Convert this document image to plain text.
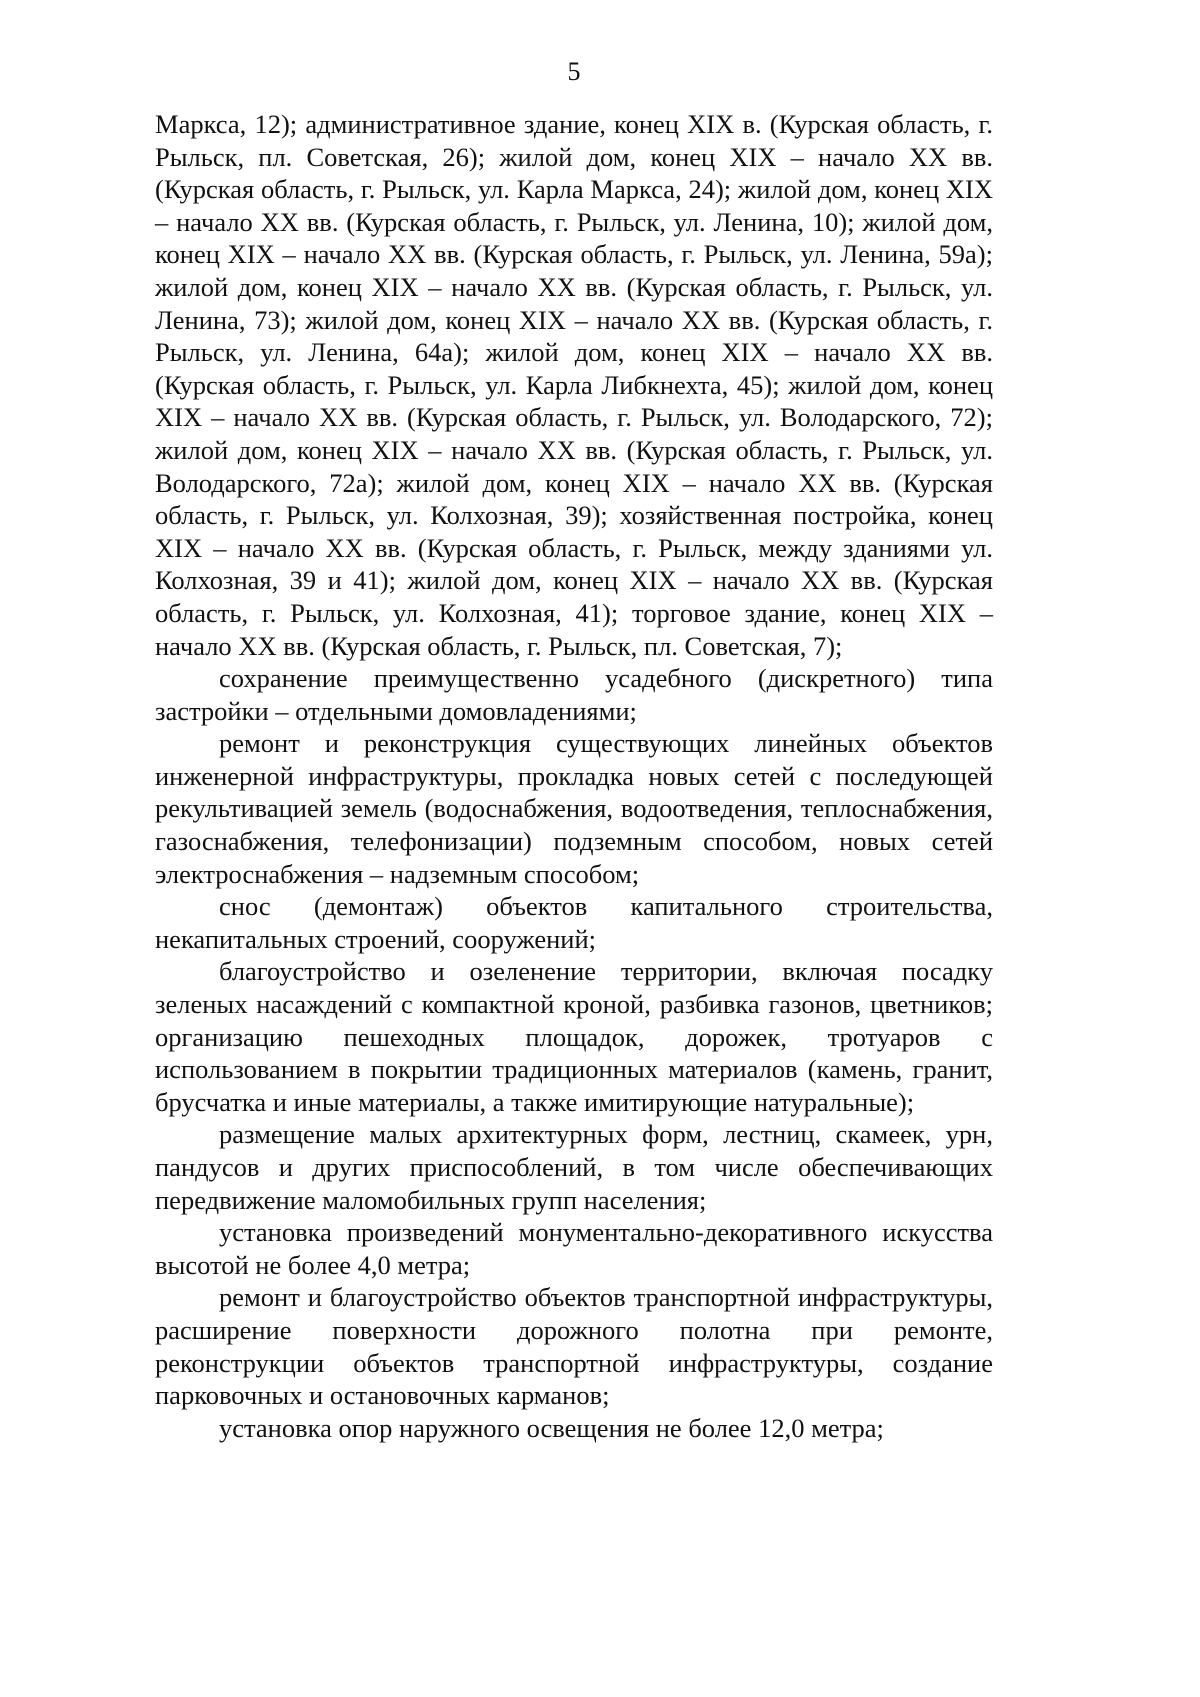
5

Маркса, 12); административное здание, конец XIX в. (Курская область, г. Рыльск, пл. Советская, 26); жилой дом, конец XIX – начало XX вв. (Курская область, г. Рыльск, ул. Карла Маркса, 24); жилой дом, конец XIX – начало XX вв. (Курская область, г. Рыльск, ул. Ленина, 10); жилой дом, конец XIX – начало XX вв. (Курская область, г. Рыльск, ул. Ленина, 59а); жилой дом, конец XIX – начало XX вв. (Курская область, г. Рыльск, ул. Ленина, 73); жилой дом, конец XIX – начало XX вв. (Курская область, г. Рыльск, ул. Ленина, 64а); жилой дом, конец XIX – начало XX вв. (Курская область, г. Рыльск, ул. Карла Либкнехта, 45); жилой дом, конец XIX – начало XX вв. (Курская область, г. Рыльск, ул. Володарского, 72); жилой дом, конец XIX – начало XX вв. (Курская область, г. Рыльск, ул. Володарского, 72а); жилой дом, конец XIX – начало XX вв. (Курская область, г. Рыльск, ул. Колхозная, 39); хозяйственная постройка, конец XIX – начало XX вв. (Курская область, г. Рыльск, между зданиями ул. Колхозная, 39 и 41); жилой дом, конец XIX – начало XX вв. (Курская область, г. Рыльск, ул. Колхозная, 41); торговое здание, конец XIX – начало XX вв. (Курская область, г. Рыльск, пл. Советская, 7);

сохранение преимущественно усадебного (дискретного) типа застройки – отдельными домовладениями;

ремонт и реконструкция существующих линейных объектов инженерной инфраструктуры, прокладка новых сетей с последующей рекультивацией земель (водоснабжения, водоотведения, теплоснабжения, газоснабжения, телефонизации) подземным способом, новых сетей электроснабжения – надземным способом;

снос (демонтаж) объектов капитального строительства, некапитальных строений, сооружений;

благоустройство и озеленение территории, включая посадку зеленых насаждений с компактной кроной, разбивка газонов, цветников; организацию пешеходных площадок, дорожек, тротуаров с использованием в покрытии традиционных материалов (камень, гранит, брусчатка и иные материалы, а также имитирующие натуральные);

размещение малых архитектурных форм, лестниц, скамеек, урн, пандусов и других приспособлений, в том числе обеспечивающих передвижение маломобильных групп населения;

установка произведений монументально-декоративного искусства высотой не более 4,0 метра;

ремонт и благоустройство объектов транспортной инфраструктуры, расширение поверхности дорожного полотна при ремонте, реконструкции объектов транспортной инфраструктуры, создание парковочных и остановочных карманов;

установка опор наружного освещения не более 12,0 метра;
